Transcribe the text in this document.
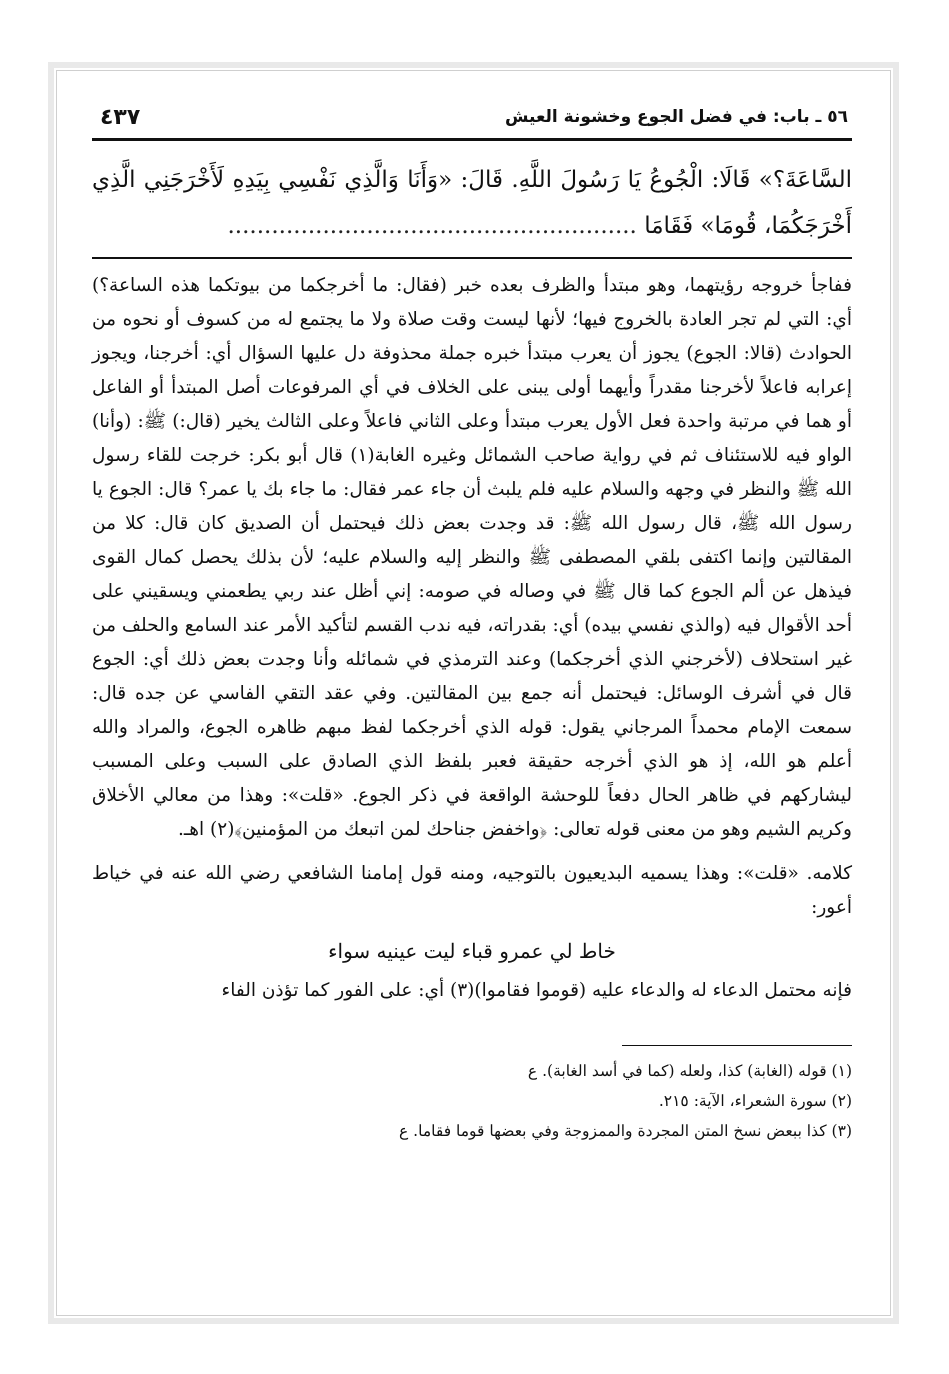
٥٦ ـ باب: في فضل الجوع وخشونة العيش
٤٣٧
السَّاعَةَ؟» قَالَا: الْجُوعُ يَا رَسُولَ اللَّهِ. قَالَ: «وَأَنَا وَالَّذِي نَفْسِي بِيَدِهِ لَأَخْرَجَنِي الَّذِي أَخْرَجَكُمَا، قُومَا» فَقَامَا ........................................................
ففاجأ خروجه رؤيتهما، وهو مبتدأ والظرف بعده خبر (فقال: ما أخرجكما من بيوتكما هذه الساعة؟) أي: التي لم تجر العادة بالخروج فيها؛ لأنها ليست وقت صلاة ولا ما يجتمع له من كسوف أو نحوه من الحوادث (قالا: الجوع) يجوز أن يعرب مبتدأ خبره جملة محذوفة دل عليها السؤال أي: أخرجنا، ويجوز إعرابه فاعلاً لأخرجنا مقدراً وأيهما أولى يبنى على الخلاف في أي المرفوعات أصل المبتدأ أو الفاعل أو هما في مرتبة واحدة فعل الأول يعرب مبتدأ وعلى الثاني فاعلاً وعلى الثالث يخير (قال:) ﷺ: (وأنا) الواو فيه للاستئناف ثم في رواية صاحب الشمائل وغيره الغابة(١) قال أبو بكر: خرجت للقاء رسول الله ﷺ والنظر في وجهه والسلام عليه فلم يلبث أن جاء عمر فقال: ما جاء بك يا عمر؟ قال: الجوع يا رسول الله ﷺ، قال رسول الله ﷺ: قد وجدت بعض ذلك فيحتمل أن الصديق كان قال: كلا من المقالتين وإنما اكتفى بلقي المصطفى ﷺ والنظر إليه والسلام عليه؛ لأن بذلك يحصل كمال القوى فيذهل عن ألم الجوع كما قال ﷺ في وصاله في صومه: إني أظل عند ربي يطعمني ويسقيني على أحد الأقوال فيه (والذي نفسي بيده) أي: بقدراته، فيه ندب القسم لتأكيد الأمر عند السامع والحلف من غير استحلاف (لأخرجني الذي أخرجكما) وعند الترمذي في شمائله وأنا وجدت بعض ذلك أي: الجوع قال في أشرف الوسائل: فيحتمل أنه جمع بين المقالتين. وفي عقد التقي الفاسي عن جده قال: سمعت الإمام محمداً المرجاني يقول: قوله الذي أخرجكما لفظ مبهم ظاهره الجوع، والمراد والله أعلم هو الله، إذ هو الذي أخرجه حقيقة فعبر بلفظ الذي الصادق على السبب وعلى المسبب ليشاركهم في ظاهر الحال دفعاً للوحشة الواقعة في ذكر الجوع. «قلت»: وهذا من معالي الأخلاق وكريم الشيم وهو من معنى قوله تعالى: ﴿واخفض جناحك لمن اتبعك من المؤمنين﴾(٢) اهـ.
كلامه. «قلت»: وهذا يسميه البديعيون بالتوجيه، ومنه قول إمامنا الشافعي رضي الله عنه في خياط أعور:
خاط لي عمرو قباء ليت عينيه سواء
فإنه محتمل الدعاء له والدعاء عليه (قوموا فقاموا)(٣) أي: على الفور كما تؤذن الفاء
(١) قوله (الغابة) كذا، ولعله (كما في أسد الغابة). ع
(٢) سورة الشعراء، الآية: ٢١٥.
(٣) كذا ببعض نسخ المتن المجردة والممزوجة وفي بعضها قوما فقاما. ع
